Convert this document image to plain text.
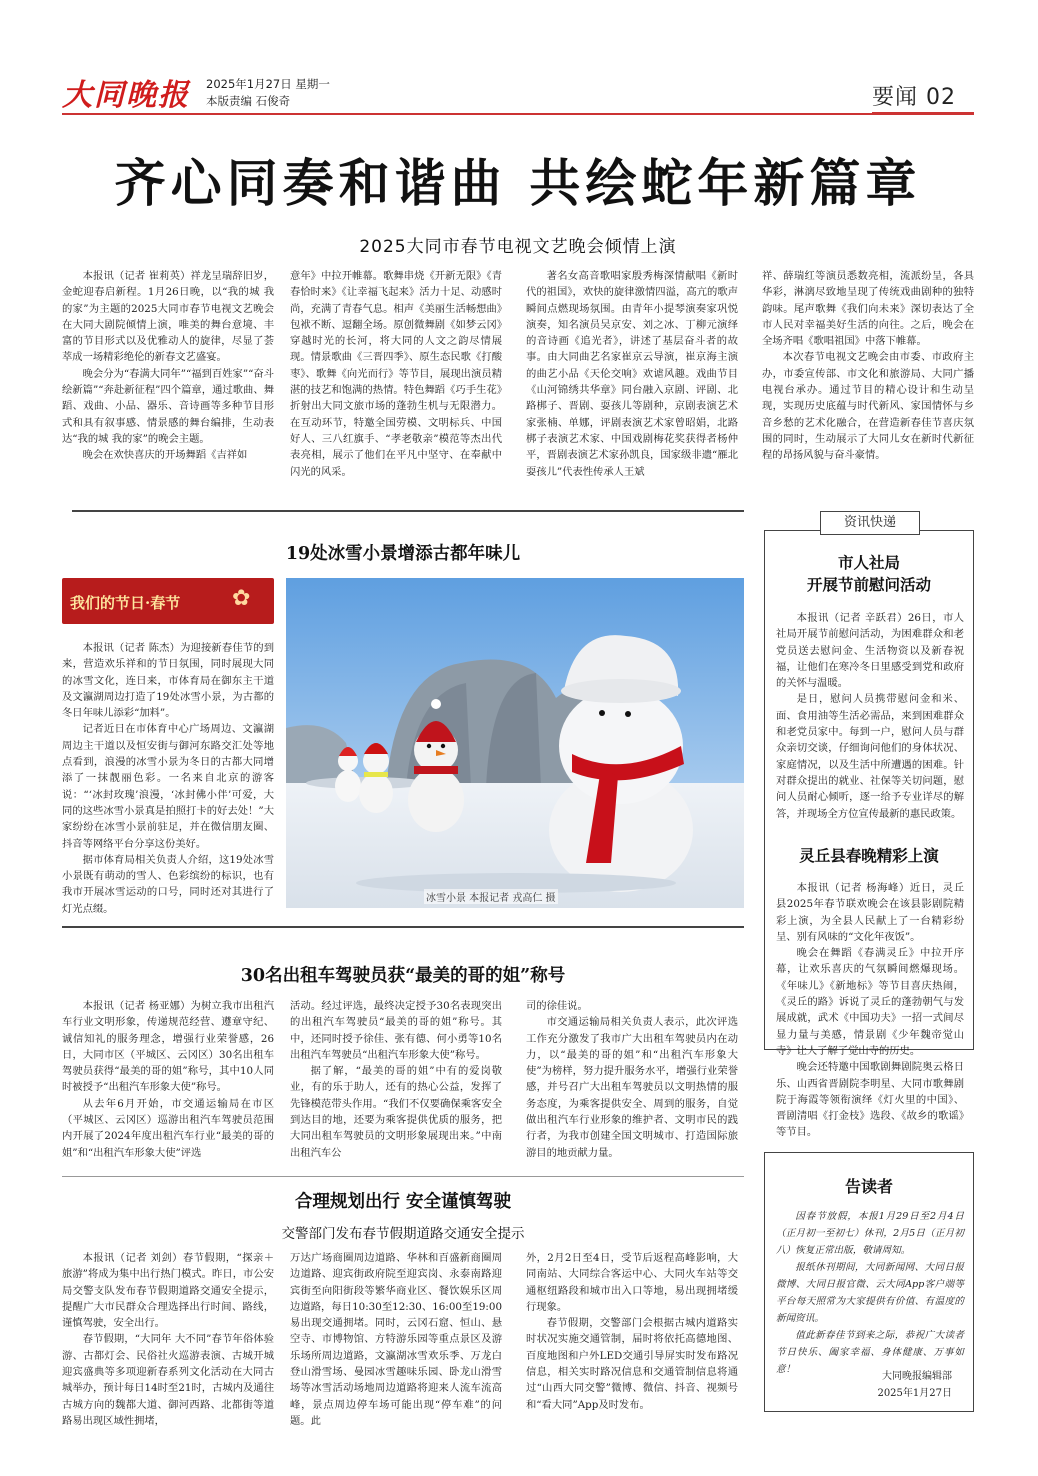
大同晚报 2025年1月27日 星期一
本版责编 石俊奇	要闻 02
齐心同奏和谐曲 共绘蛇年新篇章
2025大同市春节电视文艺晚会倾情上演

本报讯（记者 崔莉英）祥龙呈瑞辞旧岁，金蛇迎春启新程。1月26日晚，以“我的城 我的家”为主题的2025大同市春节电视文艺晚会在大同大剧院倾情上演，唯美的舞台意境、丰富的节目形式以及优雅动人的旋律，尽显了荟萃成一场精彩绝伦的新春文艺盛宴。

晚会分为“春满大同年”“福到百姓家”“奋斗绘新篇”“奔赴新征程”四个篇章，通过歌曲、舞蹈、戏曲、小品、器乐、音诗画等多种节目形式和具有叙事感、情景感的舞台编排，生动表达“我的城 我的家”的晚会主题。

晚会在欢快喜庆的开场舞蹈《吉祥如

意年》中拉开帷幕。歌舞串烧《开新无限》《青春恰时来》《让幸福飞起来》活力十足、动感时尚，充满了青春气息。相声《美丽生活畅想曲》包袱不断、逗翻全场。原创微舞剧《如梦云冈》穿越时光的长河，将大同的人文之韵尽情展现。情景歌曲《三晋四季》、原生态民歌《打酸枣》、歌舞《向光而行》等节目，展现出演员精湛的技艺和饱满的热情。特色舞蹈《巧手生花》折射出大同文旅市场的蓬勃生机与无限潜力。在互动环节，特邀全国劳模、文明标兵、中国好人、三八红旗手、“孝老敬亲”模范等杰出代表亮相，展示了他们在平凡中坚守、在奉献中闪光的风采。

著名女高音歌唱家殷秀梅深情献唱《新时代的祖国》，欢快的旋律激情四溢，高亢的歌声瞬间点燃现场氛围。由青年小提琴演奏家巩悦演奏，知名演员吴京安、刘之冰、丁柳元演绎的音诗画《追光者》，讲述了基层奋斗者的故事。由大同曲艺名家崔京云导演，崔京海主演的曲艺小品《天伦交响》欢谑风趣。戏曲节目《山河锦绣共华章》同台融入京剧、评剧、北路梆子、晋剧、耍孩儿等剧种，京剧表演艺术家张楠、单娜，评剧表演艺术家曾昭娟，北路梆子表演艺术家、中国戏剧梅花奖获得者杨仲平，晋剧表演艺术家孙凯良，国家级非遗“雁北耍孩儿”代表性传承人王斌

祥、薛瑞红等演员悉数亮相，流派纷呈，各具华彩，淋漓尽致地呈现了传统戏曲剧种的独特韵味。尾声歌舞《我们向未来》深切表达了全市人民对幸福美好生活的向往。之后，晚会在全场齐唱《歌唱祖国》中落下帷幕。

本次春节电视文艺晚会由市委、市政府主办，市委宣传部、市文化和旅游局、大同广播电视台承办。通过节目的精心设计和生动呈现，实现历史底蕴与时代新风、家国情怀与乡音乡愁的艺术化融合，在营造新春佳节喜庆氛围的同时，生动展示了大同儿女在新时代新征程的昂扬风貌与奋斗豪情。

19处冰雪小景增添古都年味儿
我们的节日·春节	✿

本报讯（记者 陈杰）为迎接新春佳节的到来，营造欢乐祥和的节日氛围，同时展现大同的冰雪文化，连日来，市体育局在御东主干道及文瀛湖周边打造了19处冰雪小景，为古都的冬日年味儿添彩“加料”。

记者近日在市体育中心广场周边、文瀛湖周边主干道以及恒安街与御河东路交汇处等地点看到，浪漫的冰雪小景为冬日的古都大同增添了一抹靓丽色彩。一名来自北京的游客说：“‘冰封玫瑰’浪漫，‘冰封佛小伴’可爱，大同的这些冰雪小景真是拍照打卡的好去处！”大家纷纷在冰雪小景前驻足，并在微信朋友圈、抖音等网络平台分享这份美好。

据市体育局相关负责人介绍，这19处冰雪小景既有萌动的雪人、色彩缤纷的标识，也有我市开展冰雪运动的口号，同时还对其进行了灯光点缀。

冰雪小景 本报记者 戎高仁 摄
30名出租车驾驶员获“最美的哥的姐”称号

本报讯（记者 杨亚娜）为树立我市出租汽车行业文明形象，传递规范经营、遵章守纪、诚信知礼的服务理念，增强行业荣誉感，26日，大同市区（平城区、云冈区）30名出租车驾驶员获得“最美的哥的姐”称号，其中10人同时被授予“出租汽车形象大使”称号。

从去年6月开始，市交通运输局在市区（平城区、云冈区）巡游出租汽车驾驶员范围内开展了2024年度出租汽车行业“最美的哥的姐”和“出租汽车形象大使”评选

活动。经过评选，最终决定授予30名表现突出的出租汽车驾驶员“最美的哥的姐”称号。其中，还同时授予徐佳、张有德、何小勇等10名出租汽车驾驶员“出租汽车形象大使”称号。

据了解，“最美的哥的姐”中有的爱岗敬业，有的乐于助人，还有的热心公益，发挥了先锋模范带头作用。“我们不仅要确保乘客安全到达目的地，还要为乘客提供优质的服务，把大同出租车驾驶员的文明形象展现出来。”中南出租汽车公

司的徐佳说。

市交通运输局相关负责人表示，此次评选工作充分激发了我市广大出租车驾驶员内在动力，以“最美的哥的姐”和“出租汽车形象大使”为榜样，努力提升服务水平，增强行业荣誉感，并号召广大出租车驾驶员以文明热情的服务态度，为乘客提供安全、周到的服务，自觉做出租汽车行业形象的维护者、文明市民的践行者，为我市创建全国文明城市、打造国际旅游目的地贡献力量。

合理规划出行 安全谨慎驾驶
交警部门发布春节假期道路交通安全提示

本报讯（记者 刘剑）春节假期，“探亲＋旅游”将成为集中出行热门模式。昨日，市公安局交警支队发布春节假期道路交通安全提示，提醒广大市民群众合理选择出行时间、路线，谨慎驾驶，安全出行。

春节假期，“大同年 大不同”春节年俗体验游、古都灯会、民俗社火巡游表演、古城开城迎宾盛典等多项迎新春系列文化活动在大同古城举办，预计每日14时至21时，古城内及通往古城方向的魏都大道、御河西路、北都街等道路易出现区域性拥堵，

万达广场商圈周边道路、华林和百盛新商圈周边道路、迎宾街政府院至迎宾岗、永泰南路迎宾街至向阳街段等繁华商业区、餐饮娱乐区周边道路，每日10:30至12:30、16:00至19:00易出现交通拥堵。同时，云冈石窟、恒山、悬空寺、市博物馆、方特游乐园等重点景区及游乐场所周边道路，文瀛湖冰雪欢乐季、万龙白登山滑雪场、曼园冰雪趣味乐园、卧龙山滑雪场等冰雪活动场地周边道路将迎来人流车流高峰，景点周边停车场可能出现“停车难”的问题。此

外，2月2日至4日，受节后返程高峰影响，大同南站、大同综合客运中心、大同火车站等交通枢纽路段和城市出入口等地，易出现拥堵缓行现象。

春节假期，交警部门会根据古城内道路实时状况实施交通管制，届时将依托高德地图、百度地图和户外LED交通引导屏实时发布路况信息，相关实时路况信息和交通管制信息将通过“山西大同交警”微博、微信、抖音、视频号和“看大同”App及时发布。

资讯快递
市人社局
开展节前慰问活动

本报讯（记者 辛跃君）26日，市人社局开展节前慰问活动，为困难群众和老党员送去慰问金、生活物资以及新春祝福，让他们在寒冷冬日里感受到党和政府的关怀与温暖。

是日，慰问人员携带慰问金和米、面、食用油等生活必需品，来到困难群众和老党员家中。每到一户，慰问人员与群众亲切交谈，仔细询问他们的身体状况、家庭情况，以及生活中所遭遇的困难。针对群众提出的就业、社保等关切问题，慰问人员耐心倾听，逐一给予专业详尽的解答，并现场全方位宣传最新的惠民政策。

灵丘县春晚精彩上演

本报讯（记者 杨海峰）近日，灵丘县2025年春节联欢晚会在该县影剧院精彩上演，为全县人民献上了一台精彩纷呈、别有风味的“文化年夜饭”。

晚会在舞蹈《春满灵丘》中拉开序幕，让欢乐喜庆的气氛瞬间燃爆现场。《年味儿》《新地标》等节目喜庆热闹，《灵丘的路》诉说了灵丘的蓬勃朝气与发展成就，武术《中国功夫》一招一式间尽显力量与美感，情景剧《少年魏帝觉山寺》让人了解了觉山寺的历史。

晚会还特邀中国歌剧舞剧院奥云格日乐、山西省晋剧院李明星、大同市歌舞剧院于海霞等领衔演绎《灯火里的中国》、晋剧清唱《打金枝》选段、《故乡的歌谣》等节目。

告读者

因春节放假，本报1月29日至2月4日（正月初一至初七）休刊，2月5日（正月初八）恢复正常出版，敬请周知。

报纸休刊期间，大同新闻网、大同日报微博、大同日报官微、云大同App客户端等平台每天照常为大家提供有价值、有温度的新闻资讯。

值此新春佳节到来之际，恭祝广大读者节日快乐、阖家幸福、身体健康、万事如意！

大同晚报编辑部
2025年1月27日
